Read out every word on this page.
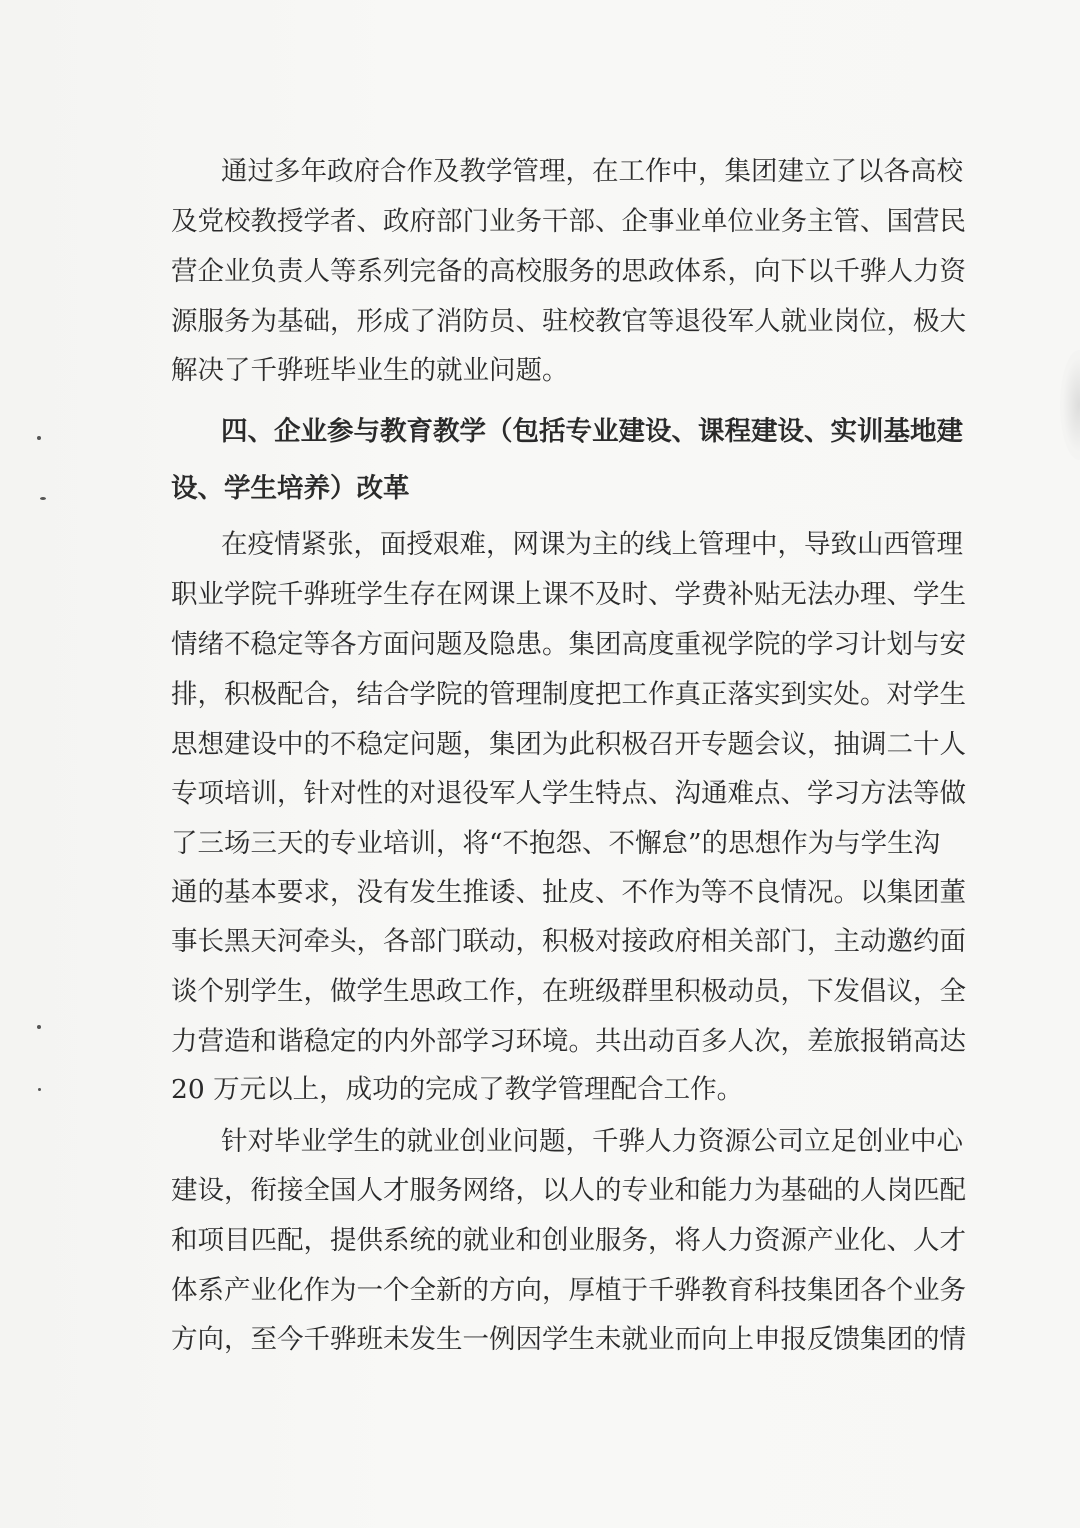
通过多年政府合作及教学管理，在工作中，集团建立了以各高校
及党校教授学者、政府部门业务干部、企事业单位业务主管、国营民
营企业负责人等系列完备的高校服务的思政体系，向下以千骅人力资
源服务为基础，形成了消防员、驻校教官等退役军人就业岗位，极大
解决了千骅班毕业生的就业问题。
四、企业参与教育教学（包括专业建设、课程建设、实训基地建
设、学生培养）改革
在疫情紧张，面授艰难，网课为主的线上管理中，导致山西管理
职业学院千骅班学生存在网课上课不及时、学费补贴无法办理、学生
情绪不稳定等各方面问题及隐患。集团高度重视学院的学习计划与安
排，积极配合，结合学院的管理制度把工作真正落实到实处。对学生
思想建设中的不稳定问题，集团为此积极召开专题会议，抽调二十人
专项培训，针对性的对退役军人学生特点、沟通难点、学习方法等做
了三场三天的专业培训，将“不抱怨、不懈怠”的思想作为与学生沟
通的基本要求，没有发生推诿、扯皮、不作为等不良情况。以集团董
事长黑天河牵头，各部门联动，积极对接政府相关部门，主动邀约面
谈个别学生，做学生思政工作，在班级群里积极动员，下发倡议，全
力营造和谐稳定的内外部学习环境。共出动百多人次，差旅报销高达
20 万元以上，成功的完成了教学管理配合工作。
针对毕业学生的就业创业问题，千骅人力资源公司立足创业中心
建设，衔接全国人才服务网络，以人的专业和能力为基础的人岗匹配
和项目匹配，提供系统的就业和创业服务，将人力资源产业化、人才
体系产业化作为一个全新的方向，厚植于千骅教育科技集团各个业务
方向，至今千骅班未发生一例因学生未就业而向上申报反馈集团的情
